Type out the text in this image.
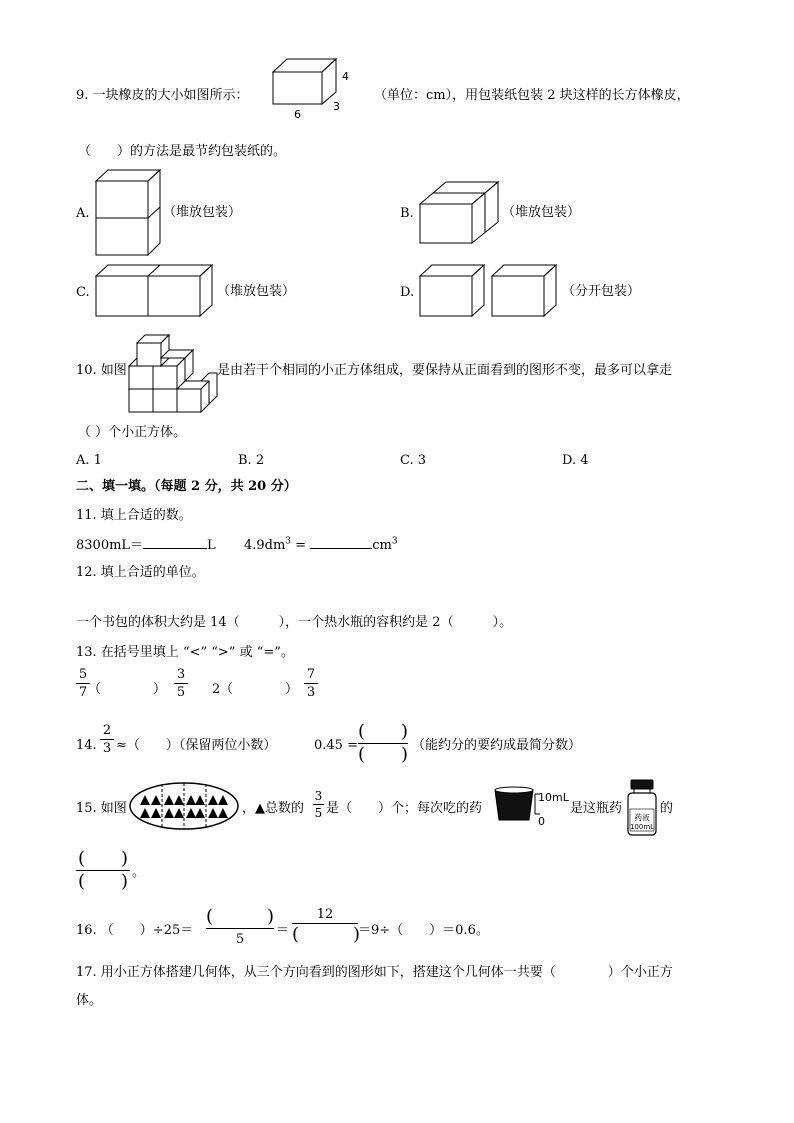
9. 一块橡皮的大小如图所示：
4
6
3
（单位：cm），用包装纸包装 2 块这样的长方体橡皮，
（　　）的方法是最节约包装纸的。
A.	（堆放包装）	B.	（堆放包装）
C.	（堆放包装）	D.	（分开包装）
10. 如图	是由若干个相同的小正方体组成，要保持从正面看到的图形不变，最多可以拿走
（ ）个小正方体。
A. 1	B. 2	C. 3	D. 4
二、填一填。（每题 2 分，共 20 分）
11. 填上合适的数。
8300mL＝	L $4.9dm^3$ =	$cm^3$
12. 填上合适的单位。
一个书包的体积大约是 14（　　　），一个热水瓶的容积约是 2（　　　）。
13. 在括号里填上 “<” “>” 或 “=”。
5
7 （　　　　）
3
5 2 （　　　　）
7
3
14.
2
3 ≈（　　）（保留两位小数）	0.45 =
(　　)
(　　) （能约分的要约成最简分数）
15. 如图	，▲总数的
3
5 是（　　）个；每次吃的药
10mL
0
是这瓶药
药液
100mL
的
(　　)
(　　) 。
16. （　　）÷25＝
(　　　)
5
＝
12
(　　　)
＝9÷（　　）＝0.6。
17. 用小正方体搭建几何体，从三个方向看到的图形如下，搭建这个几何体一共要（　　　　）个小正方
体。
